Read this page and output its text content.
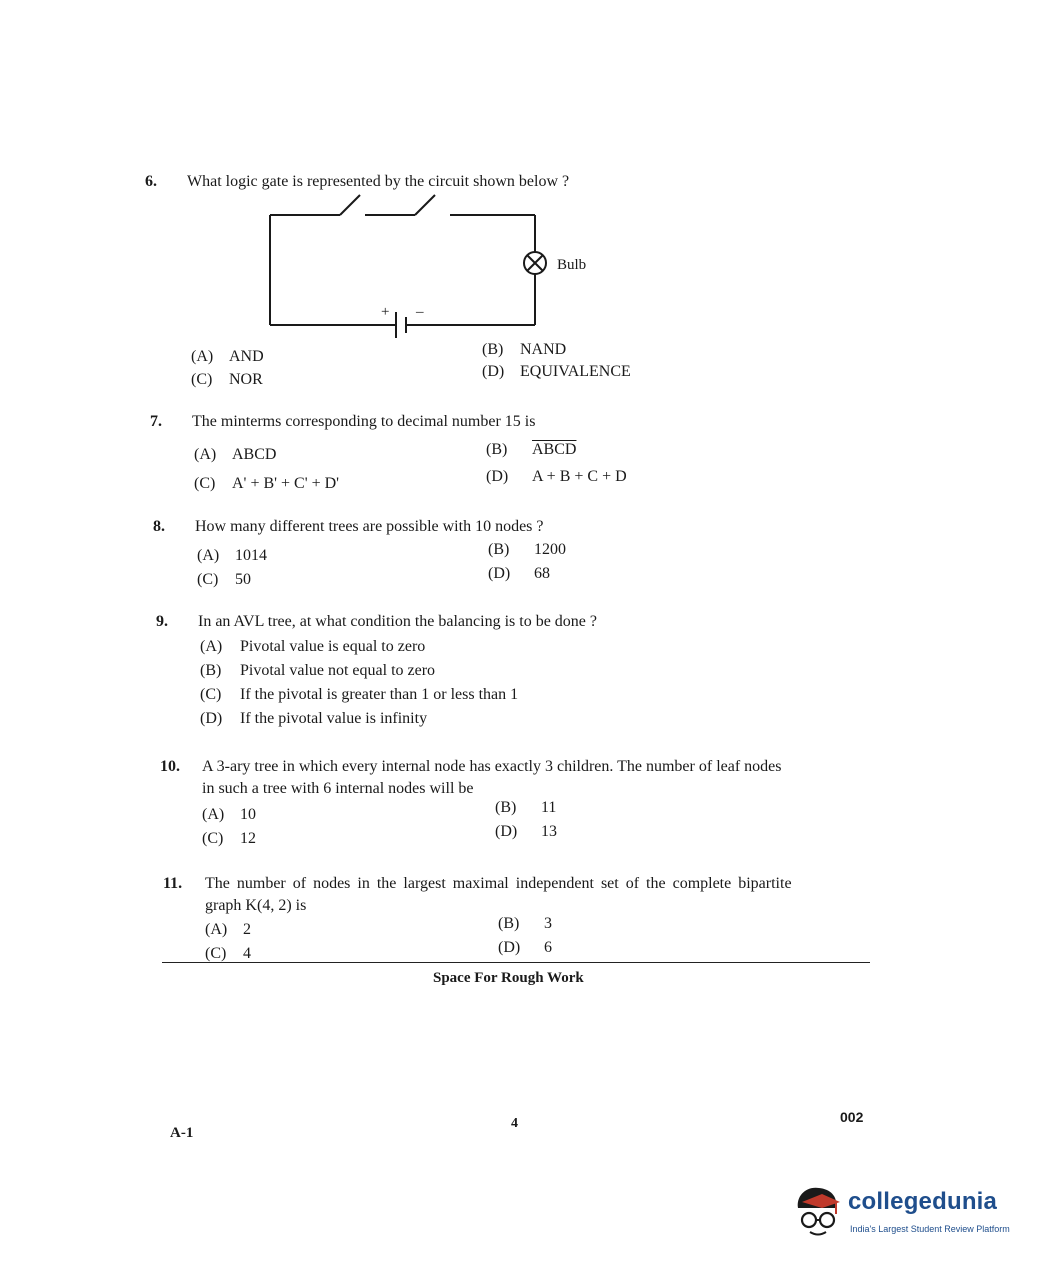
6. What logic gate is represented by the circuit shown below ?
(A) AND	(B) NAND
(C) NOR	(D) EQUIVALENCE
Bulb
+ –
7. The minterms corresponding to decimal number 15 is
(A) ABCD	(B) ABCD
(C) A' + B' + C' + D'	(D) A + B + C + D
8. How many different trees are possible with 10 nodes ?
(A) 1014	(B) 1200
(C) 50	(D) 68
9. In an AVL tree, at what condition the balancing is to be done ?
(A) Pivotal value is equal to zero
(B) Pivotal value not equal to zero
(C) If the pivotal is greater than 1 or less than 1
(D) If the pivotal value is infinity
10. A 3-ary tree in which every internal node has exactly 3 children. The number of leaf nodes
in such a tree with 6 internal nodes will be
(A) 10	(B) 11
(C) 12	(D) 13
11. The number of nodes in the largest maximal independent set of the complete bipartite
graph K(4, 2) is
(A) 2	(B) 3
(C) 4	(D) 6
Space For Rough Work
A-1
4	002
collegedunia
India's Largest Student Review Platform
